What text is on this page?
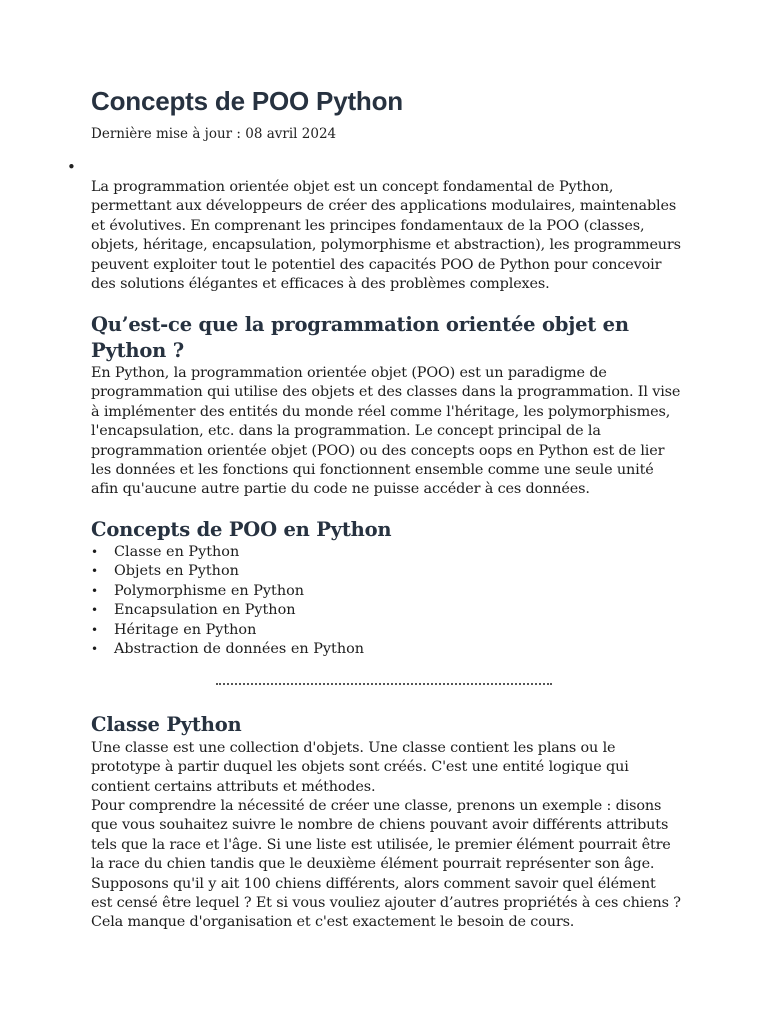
Concepts de POO Python
Dernière mise à jour : 08 avril 2024
•

La programmation orientée objet est un concept fondamental de Python, permettant aux développeurs de créer des applications modulaires, maintenables et évolutives. En comprenant les principes fondamentaux de la POO (classes, objets, héritage, encapsulation, polymorphisme et abstraction), les programmeurs peuvent exploiter tout le potentiel des capacités POO de Python pour concevoir des solutions élégantes et efficaces à des problèmes complexes.

Qu’est-ce que la programmation orientée objet en Python ?

En Python, la programmation orientée objet (POO) est un paradigme de programmation qui utilise des objets et des classes dans la programmation. Il vise à implémenter des entités du monde réel comme l'héritage, les polymorphismes, l'encapsulation, etc. dans la programmation. Le concept principal de la programmation orientée objet (POO) ou des concepts oops en Python est de lier les données et les fonctions qui fonctionnent ensemble comme une seule unité afin qu'aucune autre partie du code ne puisse accéder à ces données.

Concepts de POO en Python
• Classe en Python
• Objets en Python
• Polymorphisme en Python
• Encapsulation en Python
• Héritage en Python
• Abstraction de données en Python
Classe Python

Une classe est une collection d'objets. Une classe contient les plans ou le prototype à partir duquel les objets sont créés. C'est une entité logique qui contient certains attributs et méthodes.

Pour comprendre la nécessité de créer une classe, prenons un exemple : disons que vous souhaitez suivre le nombre de chiens pouvant avoir différents attributs tels que la race et l'âge. Si une liste est utilisée, le premier élément pourrait être la race du chien tandis que le deuxième élément pourrait représenter son âge. Supposons qu'il y ait 100 chiens différents, alors comment savoir quel élément est censé être lequel ? Et si vous vouliez ajouter d’autres propriétés à ces chiens ? Cela manque d'organisation et c'est exactement le besoin de cours.
